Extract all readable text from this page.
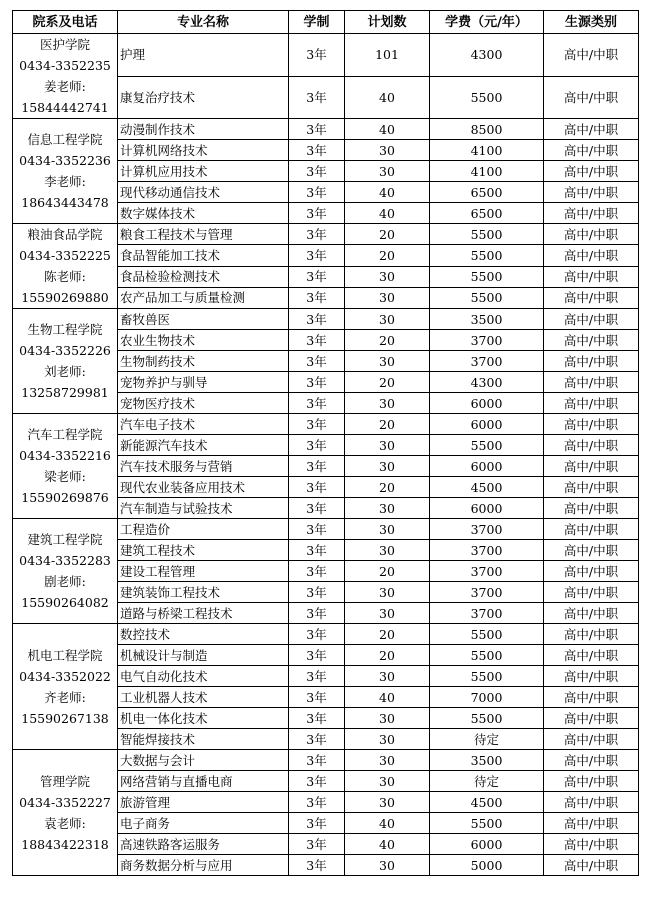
院系及电话	专业名称	学制	计划数	学费（元/年）	生源类别

医护学院
0434-3352235
姜老师:
15844442741	护理	3年	101	4300	高中/中职
	康复治疗技术	3年	40	5500	高中/中职

信息工程学院
0434-3352236
李老师:
18643443478	动漫制作技术	3年	40	8500	高中/中职
	计算机网络技术	3年	30	4100	高中/中职
	计算机应用技术	3年	30	4100	高中/中职
	现代移动通信技术	3年	40	6500	高中/中职
	数字媒体技术	3年	40	6500	高中/中职

粮油食品学院
0434-3352225
陈老师:
15590269880	粮食工程技术与管理	3年	20	5500	高中/中职
	食品智能加工技术	3年	20	5500	高中/中职
	食品检验检测技术	3年	30	5500	高中/中职
	农产品加工与质量检测	3年	30	5500	高中/中职

生物工程学院
0434-3352226
刘老师:
13258729981	畜牧兽医	3年	30	3500	高中/中职
	农业生物技术	3年	20	3700	高中/中职
	生物制药技术	3年	30	3700	高中/中职
	宠物养护与驯导	3年	20	4300	高中/中职
	宠物医疗技术	3年	30	6000	高中/中职

汽车工程学院
0434-3352216
梁老师:
15590269876	汽车电子技术	3年	20	6000	高中/中职
	新能源汽车技术	3年	30	5500	高中/中职
	汽车技术服务与营销	3年	30	6000	高中/中职
	现代农业装备应用技术	3年	20	4500	高中/中职
	汽车制造与试验技术	3年	30	6000	高中/中职

建筑工程学院
0434-3352283
剧老师:
15590264082	工程造价	3年	30	3700	高中/中职
	建筑工程技术	3年	30	3700	高中/中职
	建设工程管理	3年	20	3700	高中/中职
	建筑装饰工程技术	3年	30	3700	高中/中职
	道路与桥梁工程技术	3年	30	3700	高中/中职

机电工程学院
0434-3352022
齐老师:
15590267138	数控技术	3年	20	5500	高中/中职
	机械设计与制造	3年	20	5500	高中/中职
	电气自动化技术	3年	30	5500	高中/中职
	工业机器人技术	3年	40	7000	高中/中职
	机电一体化技术	3年	30	5500	高中/中职
	智能焊接技术	3年	30	待定	高中/中职

管理学院
0434-3352227
袁老师:
18843422318	大数据与会计	3年	30	3500	高中/中职
	网络营销与直播电商	3年	30	待定	高中/中职
	旅游管理	3年	30	4500	高中/中职
	电子商务	3年	40	5500	高中/中职
	高速铁路客运服务	3年	40	6000	高中/中职
	商务数据分析与应用	3年	30	5000	高中/中职
